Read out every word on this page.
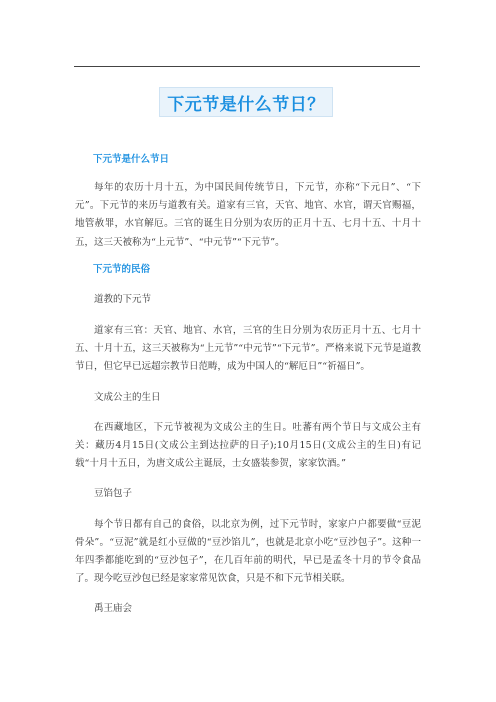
下元节是什么节日？
下元节是什么节日

每年的农历十月十五，为中国民间传统节日，下元节，亦称“下元日”、“下元”。下元节的来历与道教有关。道家有三官，天官、地官、水官，谓天官赐福，地管赦罪，水官解厄。三官的诞生日分别为农历的正月十五、七月十五、十月十五，这三天被称为“上元节”、“中元节”“下元节”。

下元节的民俗

道教的下元节

道家有三官：天官、地官、水官，三官的生日分别为农历正月十五、七月十五、十月十五，这三天被称为“上元节”“中元节”“下元节”。严格来说下元节是道教节日，但它早已远超宗教节日范畴，成为中国人的“解厄日”“祈福日”。

文成公主的生日

在西藏地区，下元节被视为文成公主的生日。吐蕃有两个节日与文成公主有关：藏历4月15日(文成公主到达拉萨的日子);10月15日(文成公主的生日)有记载“十月十五日，为唐文成公主诞辰，士女盛装参贺，家家饮酒。”

豆馅包子

每个节日都有自己的食俗，以北京为例，过下元节时，家家户户都要做“豆泥骨朵”。“豆泥”就是红小豆做的“豆沙馅儿”，也就是北京小吃“豆沙包子”。这种一年四季都能吃到的“豆沙包子”，在几百年前的明代，早已是孟冬十月的节令食品了。现今吃豆沙包已经是家家常见饮食，只是不和下元节相关联。

禹王庙会
